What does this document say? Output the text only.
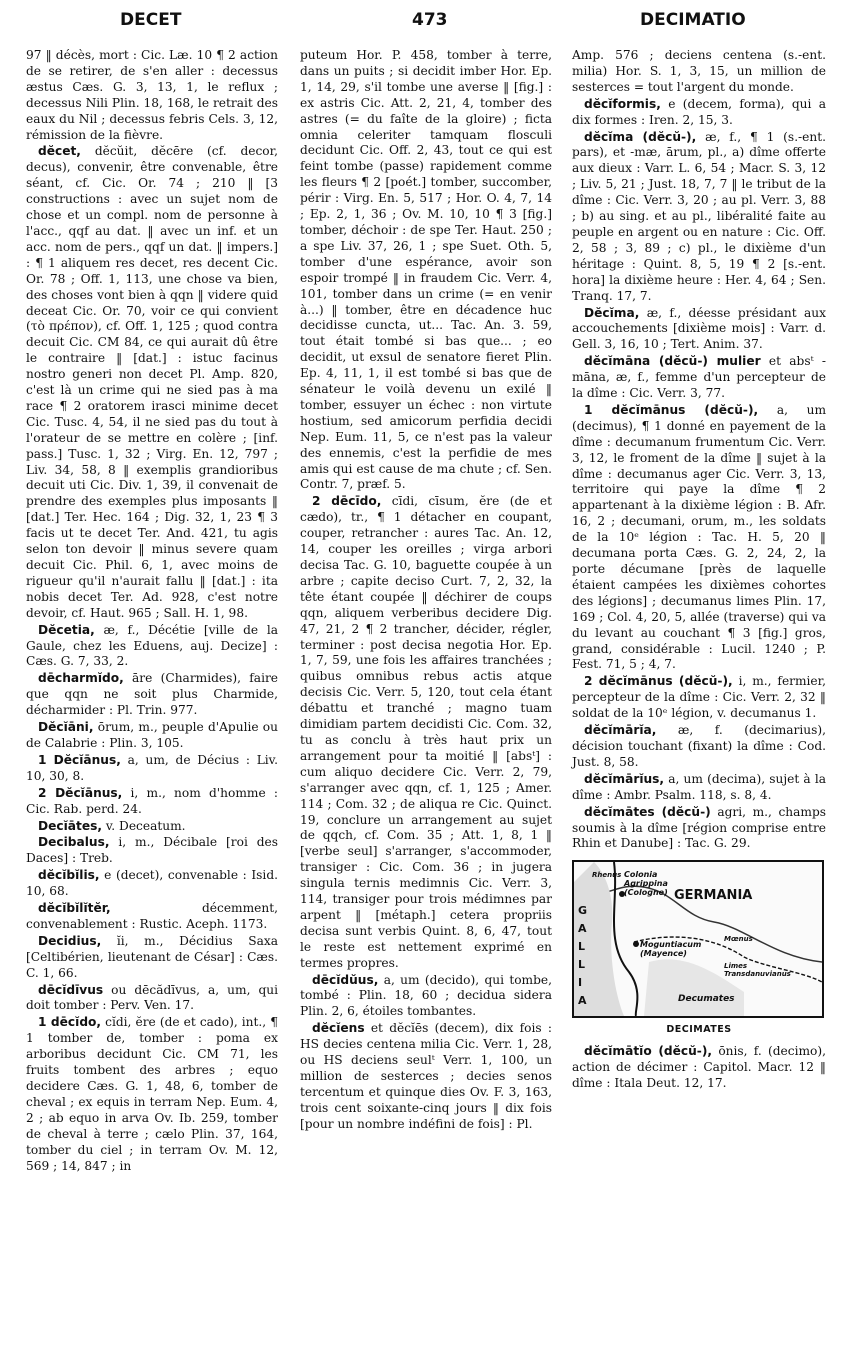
DECET	473	DECIMATIO

97 ‖ décès, mort : Cic. Læ. 10 ¶ 2 action de se retirer, de s'en aller : decessus æstus Cæs. G. 3, 13, 1, le reflux ; decessus Nili Plin. 18, 168, le retrait des eaux du Nil ; decessus febris Cels. 3, 12, rémission de la fièvre.

dĕcet, dĕcŭit, dĕcēre (cf. decor, decus), convenir, être convenable, être séant, cf. Cic. Or. 74 ; 210 ‖ [3 constructions : avec un sujet nom de chose et un compl. nom de personne à l'acc., qqf au dat. ‖ avec un inf. et un acc. nom de pers., qqf un dat. ‖ impers.] : ¶ 1 aliquem res decet, res decent Cic. Or. 78 ; Off. 1, 113, une chose va bien, des choses vont bien à qqn ‖ videre quid deceat Cic. Or. 70, voir ce qui convient (τὸ πρέπον), cf. Off. 1, 125 ; quod contra decuit Cic. CM 84, ce qui aurait dû être le contraire ‖ [dat.] : istuc facinus nostro generi non decet Pl. Amp. 820, c'est là un crime qui ne sied pas à ma race ¶ 2 oratorem irasci minime decet Cic. Tusc. 4, 54, il ne sied pas du tout à l'orateur de se mettre en colère ; [inf. pass.] Tusc. 1, 32 ; Virg. En. 12, 797 ; Liv. 34, 58, 8 ‖ exemplis grandioribus decuit uti Cic. Div. 1, 39, il convenait de prendre des exemples plus imposants ‖ [dat.] Ter. Hec. 164 ; Dig. 32, 1, 23 ¶ 3 facis ut te decet Ter. And. 421, tu agis selon ton devoir ‖ minus severe quam decuit Cic. Phil. 6, 1, avec moins de rigueur qu'il n'aurait fallu ‖ [dat.] : ita nobis decet Ter. Ad. 928, c'est notre devoir, cf. Haut. 965 ; Sall. H. 1, 98.

Dĕcetia, æ, f., Décétie [ville de la Gaule, chez les Eduens, auj. Decize] : Cæs. G. 7, 33, 2.

dēcharmĭdo, āre (Charmides), faire que qqn ne soit plus Charmide, décharmider : Pl. Trin. 977.

Dĕcĭāni, ōrum, m., peuple d'Apulie ou de Calabrie : Plin. 3, 105.

1 Dĕcĭānus, a, um, de Décius : Liv. 10, 30, 8.

2 Dĕcĭānus, i, m., nom d'homme : Cic. Rab. perd. 24.

Decĭātes, v. Deceatum.

Decibalus, i, m., Décibale [roi des Daces] : Treb.

dĕcĭbĭlis, e (decet), convenable : Isid. 10, 68.

dĕcĭbĭlĭtĕr,	décemment, convenablement : Rustic. Aceph. 1173.

Decidius, ĭi, m., Décidius Saxa [Celtibérien, lieutenant de César] : Cæs. C. 1, 66.

dēcĭdīvus ou dēcădīvus, a, um, qui doit tomber : Perv. Ven. 17.

1 dēcĭdo, cĭdi, ĕre (de et cado), int., ¶ 1 tomber de, tomber : poma ex arboribus decidunt Cic. CM 71, les fruits tombent des arbres ; equo decidere Cæs. G. 1, 48, 6, tomber de cheval ; ex equis in terram Nep. Eum. 4, 2 ; ab equo in arva Ov. Ib. 259, tomber de cheval à terre ; cælo Plin. 37, 164, tomber du ciel ; in terram Ov. M. 12, 569 ; 14, 847 ; in

puteum Hor. P. 458, tomber à terre, dans un puits ; si decidit imber Hor. Ep. 1, 14, 29, s'il tombe une averse ‖ [fig.] : ex astris Cic. Att. 2, 21, 4, tomber des astres (= du faîte de la gloire) ; ficta omnia celeriter tamquam flosculi decidunt Cic. Off. 2, 43, tout ce qui est feint tombe (passe) rapidement comme les fleurs ¶ 2 [poét.] tomber, succomber, périr : Virg. En. 5, 517 ; Hor. O. 4, 7, 14 ; Ep. 2, 1, 36 ; Ov. M. 10, 10 ¶ 3 [fig.] tomber, déchoir : de spe Ter. Haut. 250 ; a spe Liv. 37, 26, 1 ; spe Suet. Oth. 5, tomber d'une espérance, avoir son espoir trompé ‖ in fraudem Cic. Verr. 4, 101, tomber dans un crime (= en venir à...) ‖ tomber, être en décadence huc decidisse cuncta, ut... Tac. An. 3. 59, tout était tombé si bas que... ; eo decidit, ut exsul de senatore fieret Plin. Ep. 4, 11, 1, il est tombé si bas que de sénateur le voilà devenu un exilé ‖ tomber, essuyer un échec : non virtute hostium, sed amicorum perfidia decidi Nep. Eum. 11, 5, ce n'est pas la valeur des ennemis, c'est la perfidie de mes amis qui est cause de ma chute ; cf. Sen. Contr. 7, præf. 5.

2 dēcīdo, cīdi, cīsum, ĕre (de et cædo), tr., ¶ 1 détacher en coupant, couper, retrancher : aures Tac. An. 12, 14, couper les oreilles ; virga arbori decisa Tac. G. 10, baguette coupée à un arbre ; capite deciso Curt. 7, 2, 32, la tête étant coupée ‖ déchirer de coups qqn, aliquem verberibus decidere Dig. 47, 21, 2 ¶ 2 trancher, décider, régler, terminer : post decisa negotia Hor. Ep. 1, 7, 59, une fois les affaires tranchées ; quibus omnibus rebus actis atque decisis Cic. Verr. 5, 120, tout cela étant débattu et tranché ; magno tuam dimidiam partem decidisti Cic. Com. 32, tu as conclu à très haut prix un arrangement pour ta moitié ‖ [absᵗ] : cum aliquo decidere Cic. Verr. 2, 79, s'arranger avec qqn, cf. 1, 125 ; Amer. 114 ; Com. 32 ; de aliqua re Cic. Quinct. 19, conclure un arrangement au sujet de qqch, cf. Com. 35 ; Att. 1, 8, 1 ‖ [verbe seul] s'arranger, s'accommoder, transiger : Cic. Com. 36 ; in jugera singula ternis medimnis Cic. Verr. 3, 114, transiger pour trois médimnes par arpent ‖ [métaph.] cetera propriis decisa sunt verbis Quint. 8, 6, 47, tout le reste est nettement exprimé en termes propres.

dēcĭdŭus, a, um (decido), qui tombe, tombé : Plin. 18, 60 ; decidua sidera Plin. 2, 6, étoiles tombantes.

dĕcĭens et dĕcĭēs (decem), dix fois : HS decies centena milia Cic. Verr. 1, 28, ou HS deciens seulᵗ Verr. 1, 100, un million de sesterces ; decies senos tercentum et quinque dies Ov. F. 3, 163, trois cent soixante-cinq jours ‖ dix fois [pour un nombre indéfini de fois] : Pl.

Amp. 576 ; deciens centena (s.-ent. milia) Hor. S. 1, 3, 15, un million de sesterces = tout l'argent du monde.

dĕcĭformis, e (decem, forma), qui a dix formes : Iren. 2, 15, 3.

dĕcĭma (dĕcŭ-), æ, f., ¶ 1 (s.-ent. pars), et -mæ, ārum, pl., a) dîme offerte aux dieux : Varr. L. 6, 54 ; Macr. S. 3, 12 ; Liv. 5, 21 ; Just. 18, 7, 7 ‖ le tribut de la dîme : Cic. Verr. 3, 20 ; au pl. Verr. 3, 88 ; b) au sing. et au pl., libéralité faite au peuple en argent ou en nature : Cic. Off. 2, 58 ; 3, 89 ; c) pl., le dixième d'un héritage : Quint. 8, 5, 19 ¶ 2 [s.-ent. hora] la dixième heure : Her. 4, 64 ; Sen. Tranq. 17, 7.

Dĕcĭma, æ, f., déesse présidant aux accouchements [dixième mois] : Varr. d. Gell. 3, 16, 10 ; Tert. Anim. 37.

dĕcĭmāna (dĕcŭ-) mulier et absᵗ -māna, æ, f., femme d'un percepteur de la dîme : Cic. Verr. 3, 77.

1 dĕcĭmānus (dĕcŭ-), a, um (decimus), ¶ 1 donné en payement de la dîme : decumanum frumentum Cic. Verr. 3, 12, le froment de la dîme ‖ sujet à la dîme : decumanus ager Cic. Verr. 3, 13, territoire qui paye la dîme ¶ 2 appartenant à la dixième légion : B. Afr. 16, 2 ; decumani, orum, m., les soldats de la 10ᵉ légion : Tac. H. 5, 20 ‖ decumana porta Cæs. G. 2, 24, 2, la porte décumane [près de laquelle étaient campées les dixièmes cohortes des légions] ; decumanus limes Plin. 17, 169 ; Col. 4, 20, 5, allée (traverse) qui va du levant au couchant ¶ 3 [fig.] gros, grand, considérable : Lucil. 1240 ; P. Fest. 71, 5 ; 4, 7.

2 dĕcĭmānus (dĕcŭ-), i, m., fermier, percepteur de la dîme : Cic. Verr. 2, 32 ‖ soldat de la 10ᵉ légion, v. decumanus 1.

dĕcĭmārĭa, æ, f. (decimarius), décision touchant (fixant) la dîme : Cod. Just. 8, 58.

dĕcĭmārĭus, a, um (decima), sujet à la dîme : Ambr. Psalm. 118, s. 8, 4.

dĕcĭmātes (dĕcŭ-) agri, m., champs soumis à la dîme [région comprise entre Rhin et Danube] : Tac. G. 29.

GERMANIA
G A L L I A
Colonia Agrippina (Cologne)
Moguntiacum (Mayence)
Rhenus
Mœnus
Limes Transdanuvianus
Decumates
DECIMATES

dĕcĭmātĭo (dĕcŭ-), ōnis, f. (decimo), action de décimer : Capitol. Macr. 12 ‖ dîme : Itala Deut. 12, 17.
